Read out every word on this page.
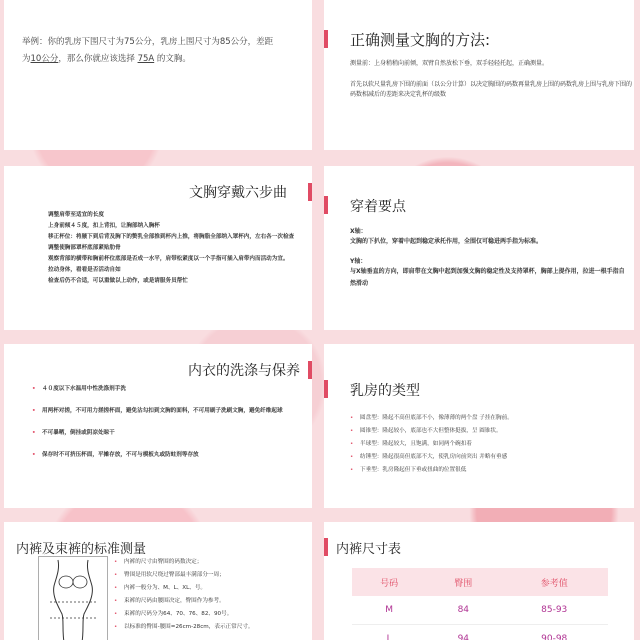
举例：你的乳房下围尺寸为75公分，乳房上围尺寸为85公分，差距
为10公分，那么你就应该选择 75A 的文胸。
正确测量文胸的方法:
测量前：上身稍稍向前倾，双臂自然放松下垂，双手轻轻托起，正确测量。
首先以软尺量乳房下围的前面（以公分计算）以决定胸围的码数再量乳房上围的码数乳房上围与乳房下围的码数相减后的差距来决定乳杯的级数
文胸穿戴六步曲
调整肩带至适宜的长度
上身前倾４５度，扣上背扣，让胸部纳入胸杯
移正杯位：将腋下到后背及胸下的赘乳全部推到杯内上推，将胸脂全部纳入罩杯内，左右各一次检查
调整使胸部罩杯底部紧贴肋骨
观察背部的横带和胸前杯位底部是否成一水平，肩带松紧度以一个手指可插入肩带内而活动为宜。
拉动身体，看看是否活动自如
检查后仍不合适，可以重做以上动作，或是请服务员帮忙
穿着要点
X轴：
文胸的下扒位，穿着中起到稳定承托作用，全围仅可稳进两手指为标准。
Y轴：
与X轴垂直的方向，即肩带在文胸中起到加强文胸的稳定性及支持罩杯，胸部上提作用，拉进一根手指自然滑动
内衣的洗涤与保养
• ４０度以下水温用中性洗涤剂手洗
• 用两杯对搓，不可用力搓搓杯面，避免沾勾扣到文胸的面料，不可用刷子洗刷文胸，避免纤维起球
• 不可暴晒，倒挂或阴凉处晾干
• 保存时不可挤压杯面，平摊存放，不可与模板丸或防蛀剂等存放
乳房的类型
• 圆盘型：隆起不高但底部不小，像薄薄的两个盘 子挂在胸前。
• 圆锥型：隆起较小，底部也不大但整体挺拔，呈 圆锥状。
• 半球型：隆起较大，且饱满，如同两个碗扣着
• 纺锤型：隆起很高但底部不大，使乳房向前突出 并略有垂感
• 下垂型：乳房隆起但下垂或扭曲的位置很低
内裤及束裤的标准测量
• 内裤的尺寸由臀围的码数决定；
• 臀围是用软尺绕过臀部最丰满部分一周；
• 内裤一般分为、M、L、XL、号。
• 束裤的尺码由腰围决定，臀围作为参考。
• 束裤的尺码分为64、70、76、82、90号。
• 以标准的臀围-腰围=26cm-28cm，表示正常尺寸。
内裤尺寸表
号码	臀围	参考值
M	84	85-93
L	94	90-98
